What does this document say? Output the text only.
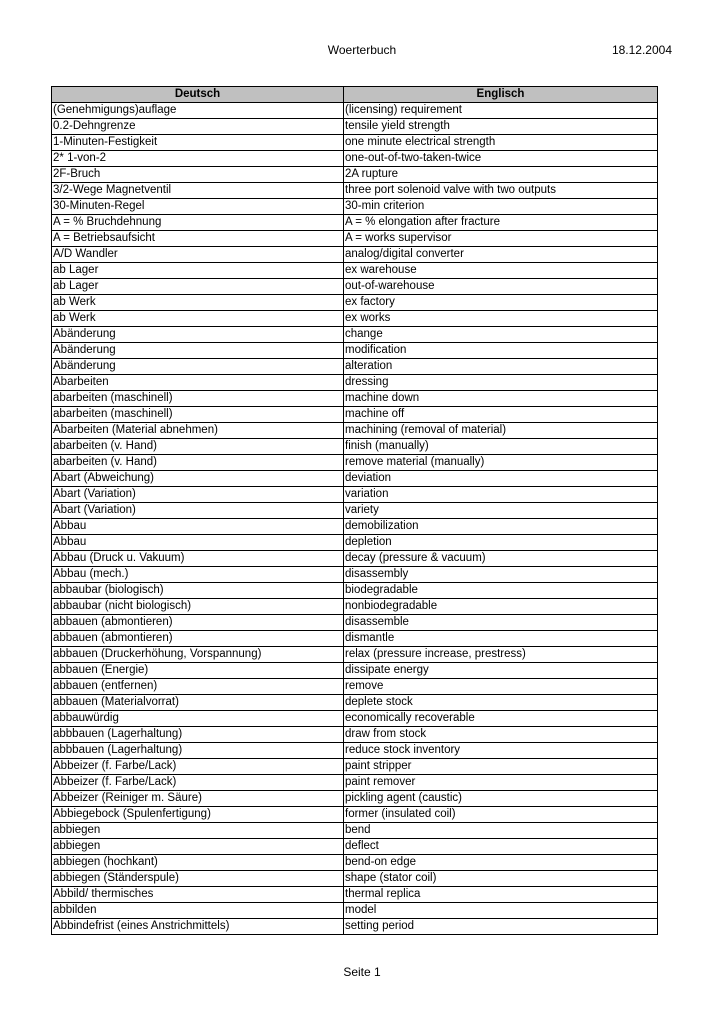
Woerterbuch	18.12.2004
Deutsch	Englisch
(Genehmigungs)auflage	(licensing) requirement
0.2-Dehngrenze	tensile yield strength
1-Minuten-Festigkeit	one minute electrical strength
2* 1-von-2	one-out-of-two-taken-twice
2F-Bruch	2A rupture
3/2-Wege Magnetventil	three port solenoid valve with two outputs
30-Minuten-Regel	30-min criterion
A = % Bruchdehnung	A = % elongation after fracture
A = Betriebsaufsicht	A = works supervisor
A/D Wandler	analog/digital converter
ab Lager	ex warehouse
ab Lager	out-of-warehouse
ab Werk	ex factory
ab Werk	ex works
Abänderung	change
Abänderung	modification
Abänderung	alteration
Abarbeiten	dressing
abarbeiten (maschinell)	machine down
abarbeiten (maschinell)	machine off
Abarbeiten (Material abnehmen)	machining (removal of material)
abarbeiten (v. Hand)	finish (manually)
abarbeiten (v. Hand)	remove material (manually)
Abart (Abweichung)	deviation
Abart (Variation)	variation
Abart (Variation)	variety
Abbau	demobilization
Abbau	depletion
Abbau (Druck u. Vakuum)	decay (pressure & vacuum)
Abbau (mech.)	disassembly
abbaubar (biologisch)	biodegradable
abbaubar (nicht biologisch)	nonbiodegradable
abbauen (abmontieren)	disassemble
abbauen (abmontieren)	dismantle
abbauen (Druckerhöhung, Vorspannung)	relax (pressure increase, prestress)
abbauen (Energie)	dissipate energy
abbauen (entfernen)	remove
abbauen (Materialvorrat)	deplete stock
abbauwürdig	economically recoverable
abbbauen (Lagerhaltung)	draw from stock
abbbauen (Lagerhaltung)	reduce stock inventory
Abbeizer (f. Farbe/Lack)	paint stripper
Abbeizer (f. Farbe/Lack)	paint remover
Abbeizer (Reiniger m. Säure)	pickling agent (caustic)
Abbiegebock (Spulenfertigung)	former (insulated coil)
abbiegen	bend
abbiegen	deflect
abbiegen (hochkant)	bend-on edge
abbiegen (Ständerspule)	shape (stator coil)
Abbild/ thermisches	thermal replica
abbilden	model
Abbindefrist (eines Anstrichmittels)	setting period
Seite 1
